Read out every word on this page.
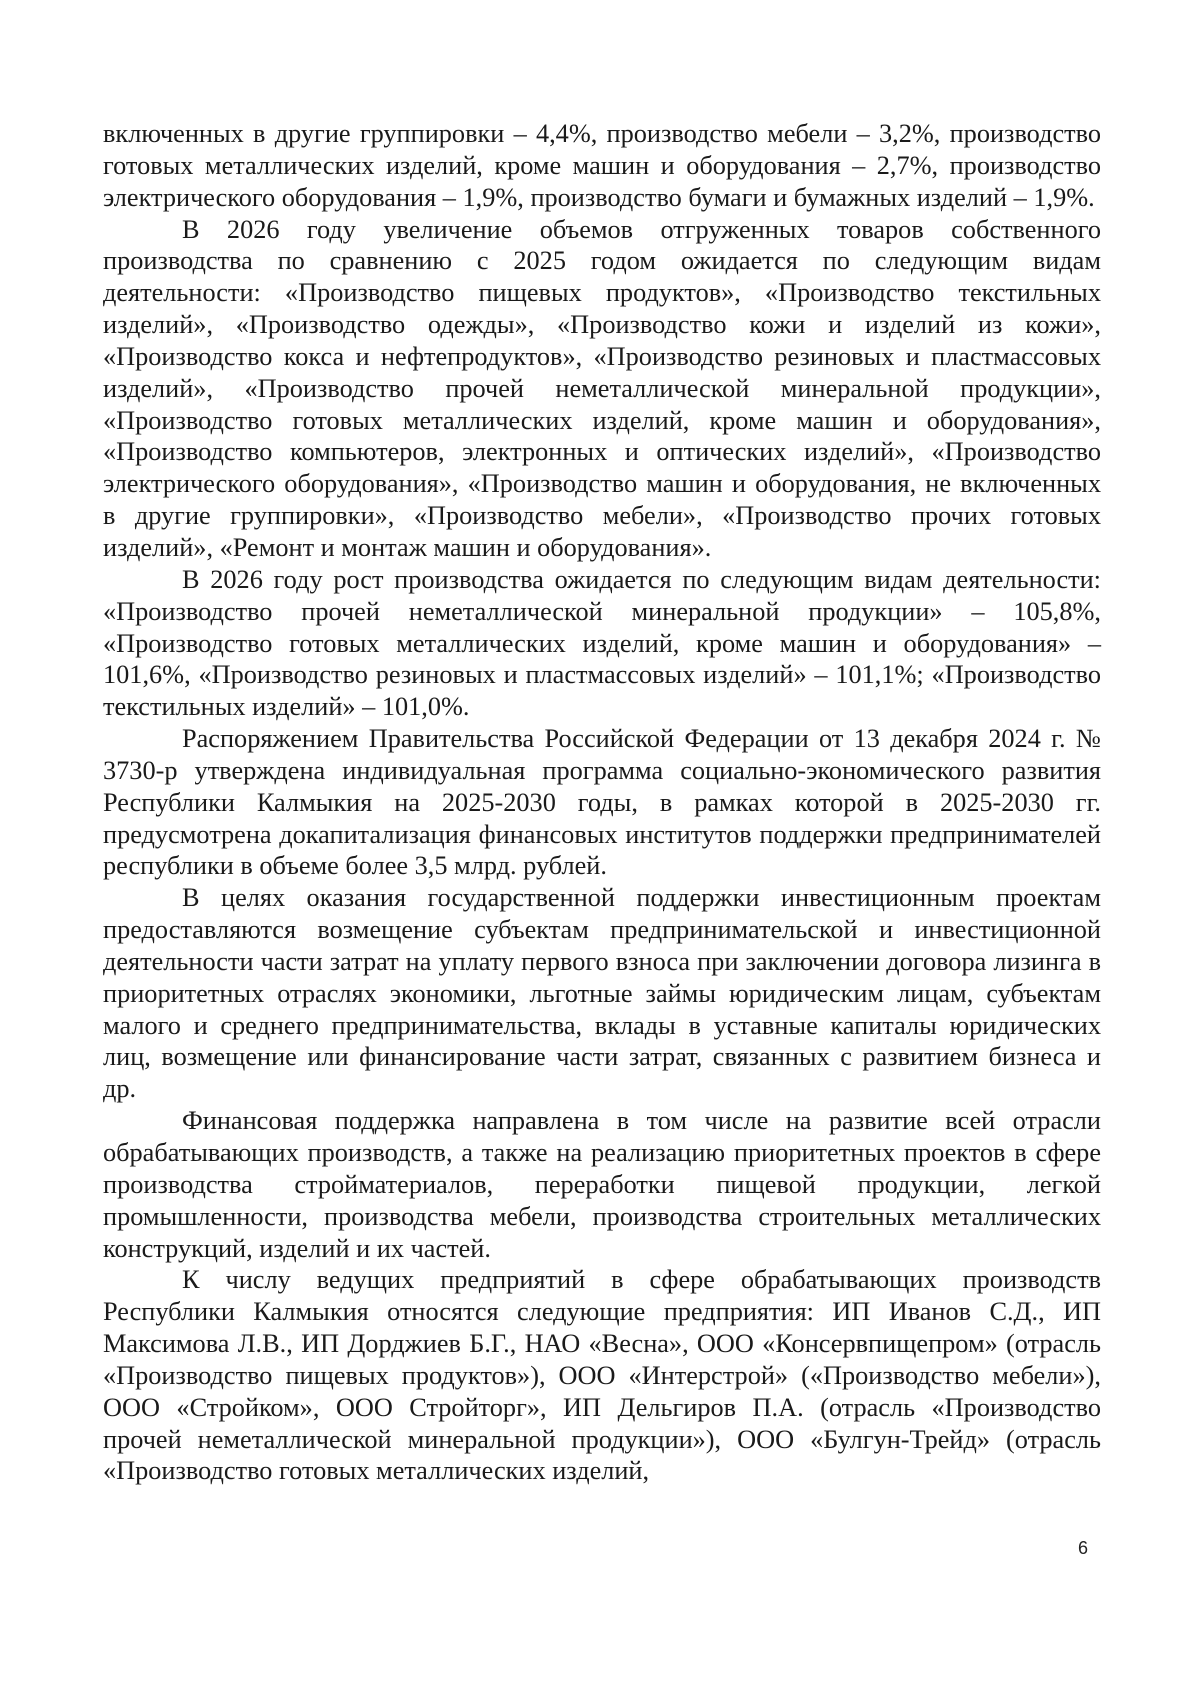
включенных в другие группировки – 4,4%, производство мебели – 3,2%, производство готовых металлических изделий, кроме машин и оборудования – 2,7%, производство электрического оборудования – 1,9%, производство бумаги и бумажных изделий – 1,9%.

В 2026 году увеличение объемов отгруженных товаров собственного производства по сравнению с 2025 годом ожидается по следующим видам деятельности: «Производство пищевых продуктов», «Производство текстильных изделий», «Производство одежды», «Производство кожи и изделий из кожи», «Производство кокса и нефтепродуктов», «Производство резиновых и пластмассовых изделий», «Производство прочей неметаллической минеральной продукции», «Производство готовых металлических изделий, кроме машин и оборудования», «Производство компьютеров, электронных и оптических изделий», «Производство электрического оборудования», «Производство машин и оборудования, не включенных в другие группировки», «Производство мебели», «Производство прочих готовых изделий», «Ремонт и монтаж машин и оборудования».

В 2026 году рост производства ожидается по следующим видам деятельности: «Производство прочей неметаллической минеральной продукции» – 105,8%, «Производство готовых металлических изделий, кроме машин и оборудования» – 101,6%, «Производство резиновых и пластмассовых изделий» – 101,1%; «Производство текстильных изделий» – 101,0%.

Распоряжением Правительства Российской Федерации от 13 декабря 2024 г. № 3730-р утверждена индивидуальная программа социально-экономического развития Республики Калмыкия на 2025-2030 годы, в рамках которой в 2025-2030 гг. предусмотрена докапитализация финансовых институтов поддержки предпринимателей республики в объеме более 3,5 млрд. рублей.

В целях оказания государственной поддержки инвестиционным проектам предоставляются возмещение субъектам предпринимательской и инвестиционной деятельности части затрат на уплату первого взноса при заключении договора лизинга в приоритетных отраслях экономики, льготные займы юридическим лицам, субъектам малого и среднего предпринимательства, вклады в уставные капиталы юридических лиц, возмещение или финансирование части затрат, связанных с развитием бизнеса и др.

Финансовая поддержка направлена в том числе на развитие всей отрасли обрабатывающих производств, а также на реализацию приоритетных проектов в сфере производства стройматериалов, переработки пищевой продукции, легкой промышленности, производства мебели, производства строительных металлических конструкций, изделий и их частей.

К числу ведущих предприятий в сфере обрабатывающих производств Республики Калмыкия относятся следующие предприятия: ИП Иванов С.Д., ИП Максимова Л.В., ИП Дорджиев Б.Г., НАО «Весна», ООО «Консервпищепром» (отрасль «Производство пищевых продуктов»), ООО «Интерстрой» («Производство мебели»), ООО «Стройком», ООО Стройторг», ИП Дельгиров П.А. (отрасль «Производство прочей неметаллической минеральной продукции»), ООО «Булгун-Трейд» (отрасль «Производство готовых металлических изделий,

6
